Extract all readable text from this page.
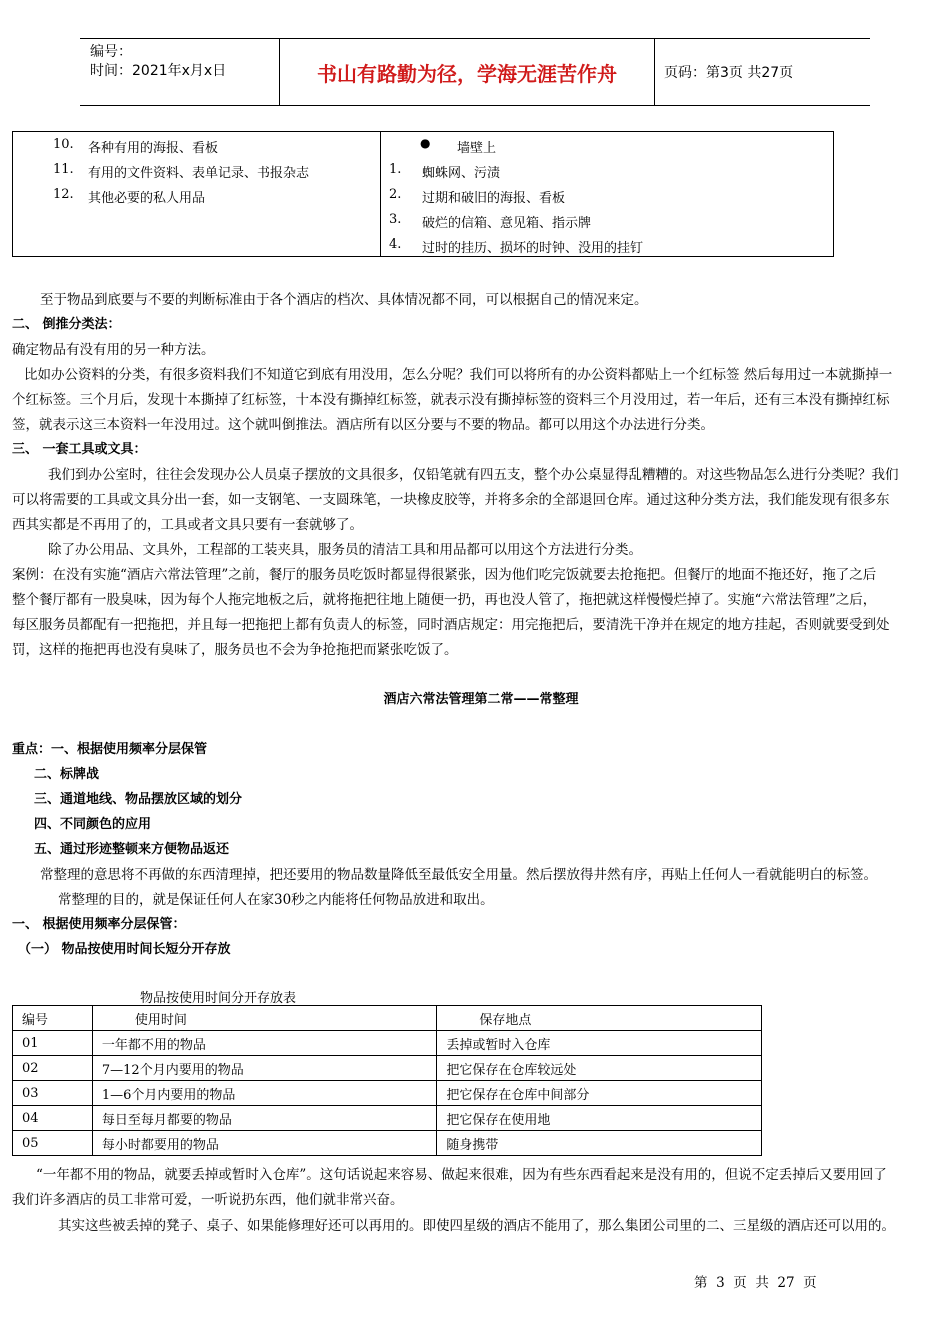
编号：
时间：2021年x月x日	书山有路勤为径，学海无涯苦作舟	页码：第3页 共27页
10. 各种有用的海报、看板
11. 有用的文件资料、表单记录、书报杂志
12. 其他必要的私人用品
● 墙壁上
1. 蜘蛛网、污渍
2. 过期和破旧的海报、看板
3. 破烂的信箱、意见箱、指示牌
4. 过时的挂历、损坏的时钟、没用的挂钉
至于物品到底要与不要的判断标准由于各个酒店的档次、具体情况都不同，可以根据自己的情况来定。
二、 倒推分类法：
确定物品有没有用的另一种方法。
比如办公资料的分类，有很多资料我们不知道它到底有用没用，怎么分呢？我们可以将所有的办公资料都贴上一个红标签 然后每用过一本就撕掉一
个红标签。三个月后，发现十本撕掉了红标签，十本没有撕掉红标签，就表示没有撕掉标签的资料三个月没用过，若一年后，还有三本没有撕掉红标
签，就表示这三本资料一年没用过。这个就叫倒推法。酒店所有以区分要与不要的物品。都可以用这个办法进行分类。
三、 一套工具或文具：
我们到办公室时，往往会发现办公人员桌子摆放的文具很多，仅铅笔就有四五支，整个办公桌显得乱糟糟的。对这些物品怎么进行分类呢？我们
可以将需要的工具或文具分出一套，如一支钢笔、一支圆珠笔，一块橡皮胶等，并将多余的全部退回仓库。通过这种分类方法，我们能发现有很多东
西其实都是不再用了的，工具或者文具只要有一套就够了。
除了办公用品、文具外，工程部的工装夹具，服务员的清洁工具和用品都可以用这个方法进行分类。
案例：在没有实施“酒店六常法管理”之前，餐厅的服务员吃饭时都显得很紧张，因为他们吃完饭就要去抢拖把。但餐厅的地面不拖还好，拖了之后
整个餐厅都有一股臭味，因为每个人拖完地板之后，就将拖把往地上随便一扔，再也没人管了，拖把就这样慢慢烂掉了。实施“六常法管理”之后，
每区服务员都配有一把拖把，并且每一把拖把上都有负责人的标签，同时酒店规定：用完拖把后，要清洗干净并在规定的地方挂起，否则就要受到处
罚，这样的拖把再也没有臭味了，服务员也不会为争抢拖把而紧张吃饭了。
酒店六常法管理第二常——常整理
重点：一、根据使用频率分层保管
二、标牌战
三、通道地线、物品摆放区域的划分
四、不同颜色的应用
五、通过形迹整顿来方便物品返还
常整理的意思将不再做的东西清理掉，把还要用的物品数量降低至最低安全用量。然后摆放得井然有序，再贴上任何人一看就能明白的标签。
常整理的目的，就是保证任何人在家30秒之内能将任何物品放进和取出。
一、 根据使用频率分层保管：
（一） 物品按使用时间长短分开存放
物品按使用时间分开存放表
编号	使用时间	保存地点
01	一年都不用的物品	丢掉或暂时入仓库
02	7—12个月内要用的物品	把它保存在仓库较远处
03	1—6个月内要用的物品	把它保存在仓库中间部分
04	每日至每月都要的物品	把它保存在使用地
05	每小时都要用的物品	随身携带
“一年都不用的物品，就要丢掉或暂时入仓库”。这句话说起来容易、做起来很难，因为有些东西看起来是没有用的，但说不定丢掉后又要用回了
我们许多酒店的员工非常可爱，一听说扔东西，他们就非常兴奋。
其实这些被丢掉的凳子、桌子、如果能修理好还可以再用的。即使四星级的酒店不能用了，那么集团公司里的二、三星级的酒店还可以用的。
第  3  页  共  27  页
